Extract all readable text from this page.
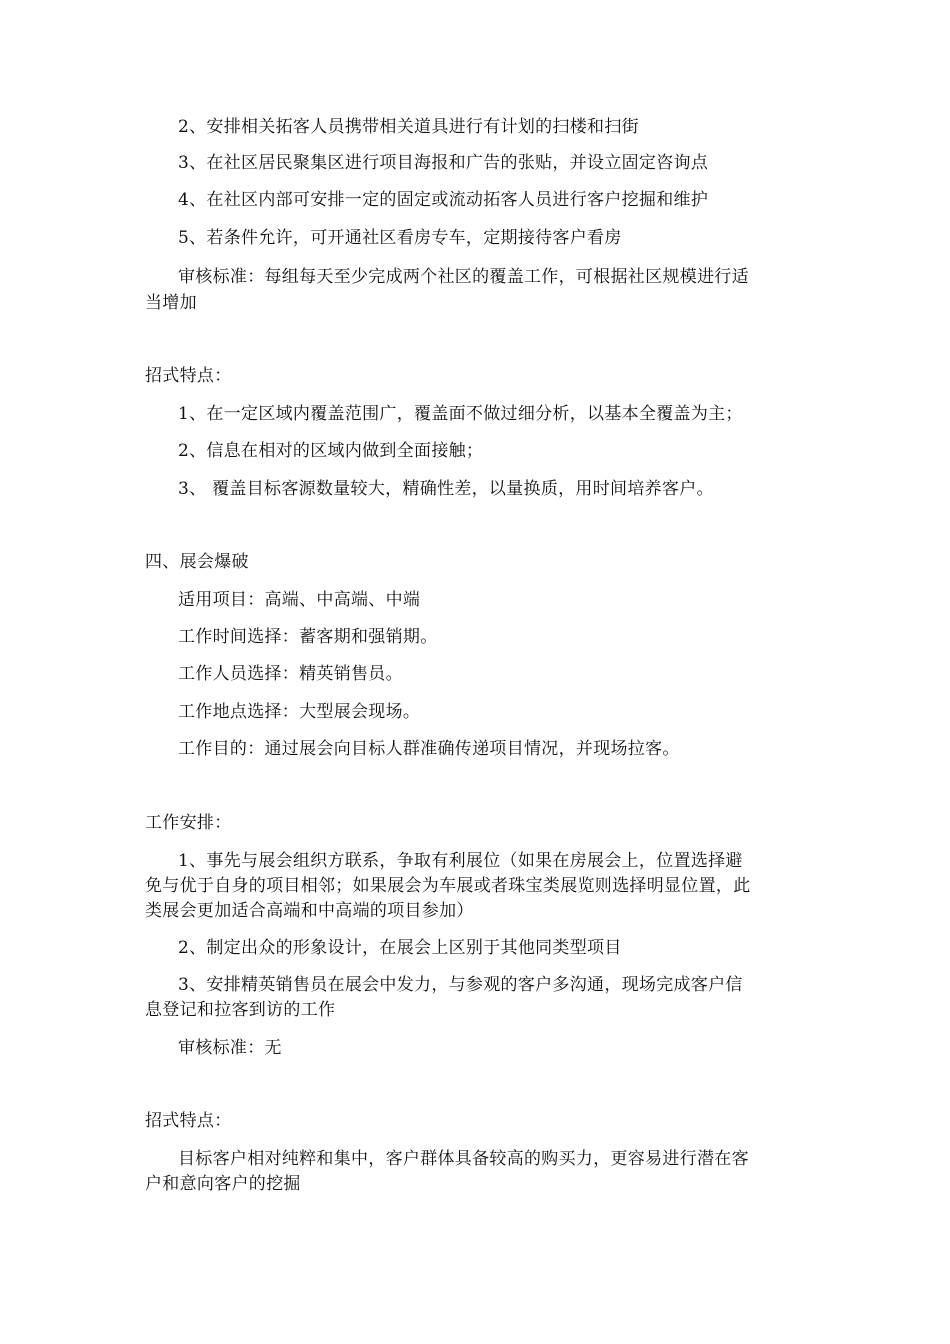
2、安排相关拓客人员携带相关道具进行有计划的扫楼和扫街
3、在社区居民聚集区进行项目海报和广告的张贴，并设立固定咨询点
4、在社区内部可安排一定的固定或流动拓客人员进行客户挖掘和维护
5、若条件允许，可开通社区看房专车，定期接待客户看房
审核标准：每组每天至少完成两个社区的覆盖工作，可根据社区规模进行适
当增加
招式特点：
1、在一定区域内覆盖范围广，覆盖面不做过细分析，以基本全覆盖为主；
2、信息在相对的区域内做到全面接触；
3、 覆盖目标客源数量较大，精确性差，以量换质，用时间培养客户。
四、展会爆破
适用项目：高端、中高端、中端
工作时间选择：蓄客期和强销期。
工作人员选择：精英销售员。
工作地点选择：大型展会现场。
工作目的：通过展会向目标人群准确传递项目情况，并现场拉客。
工作安排：
1、事先与展会组织方联系，争取有利展位（如果在房展会上，位置选择避
免与优于自身的项目相邻；如果展会为车展或者珠宝类展览则选择明显位置，此
类展会更加适合高端和中高端的项目参加）
2、制定出众的形象设计，在展会上区别于其他同类型项目
3、安排精英销售员在展会中发力，与参观的客户多沟通，现场完成客户信
息登记和拉客到访的工作
审核标准：无
招式特点：
目标客户相对纯粹和集中，客户群体具备较高的购买力，更容易进行潜在客
户和意向客户的挖掘
